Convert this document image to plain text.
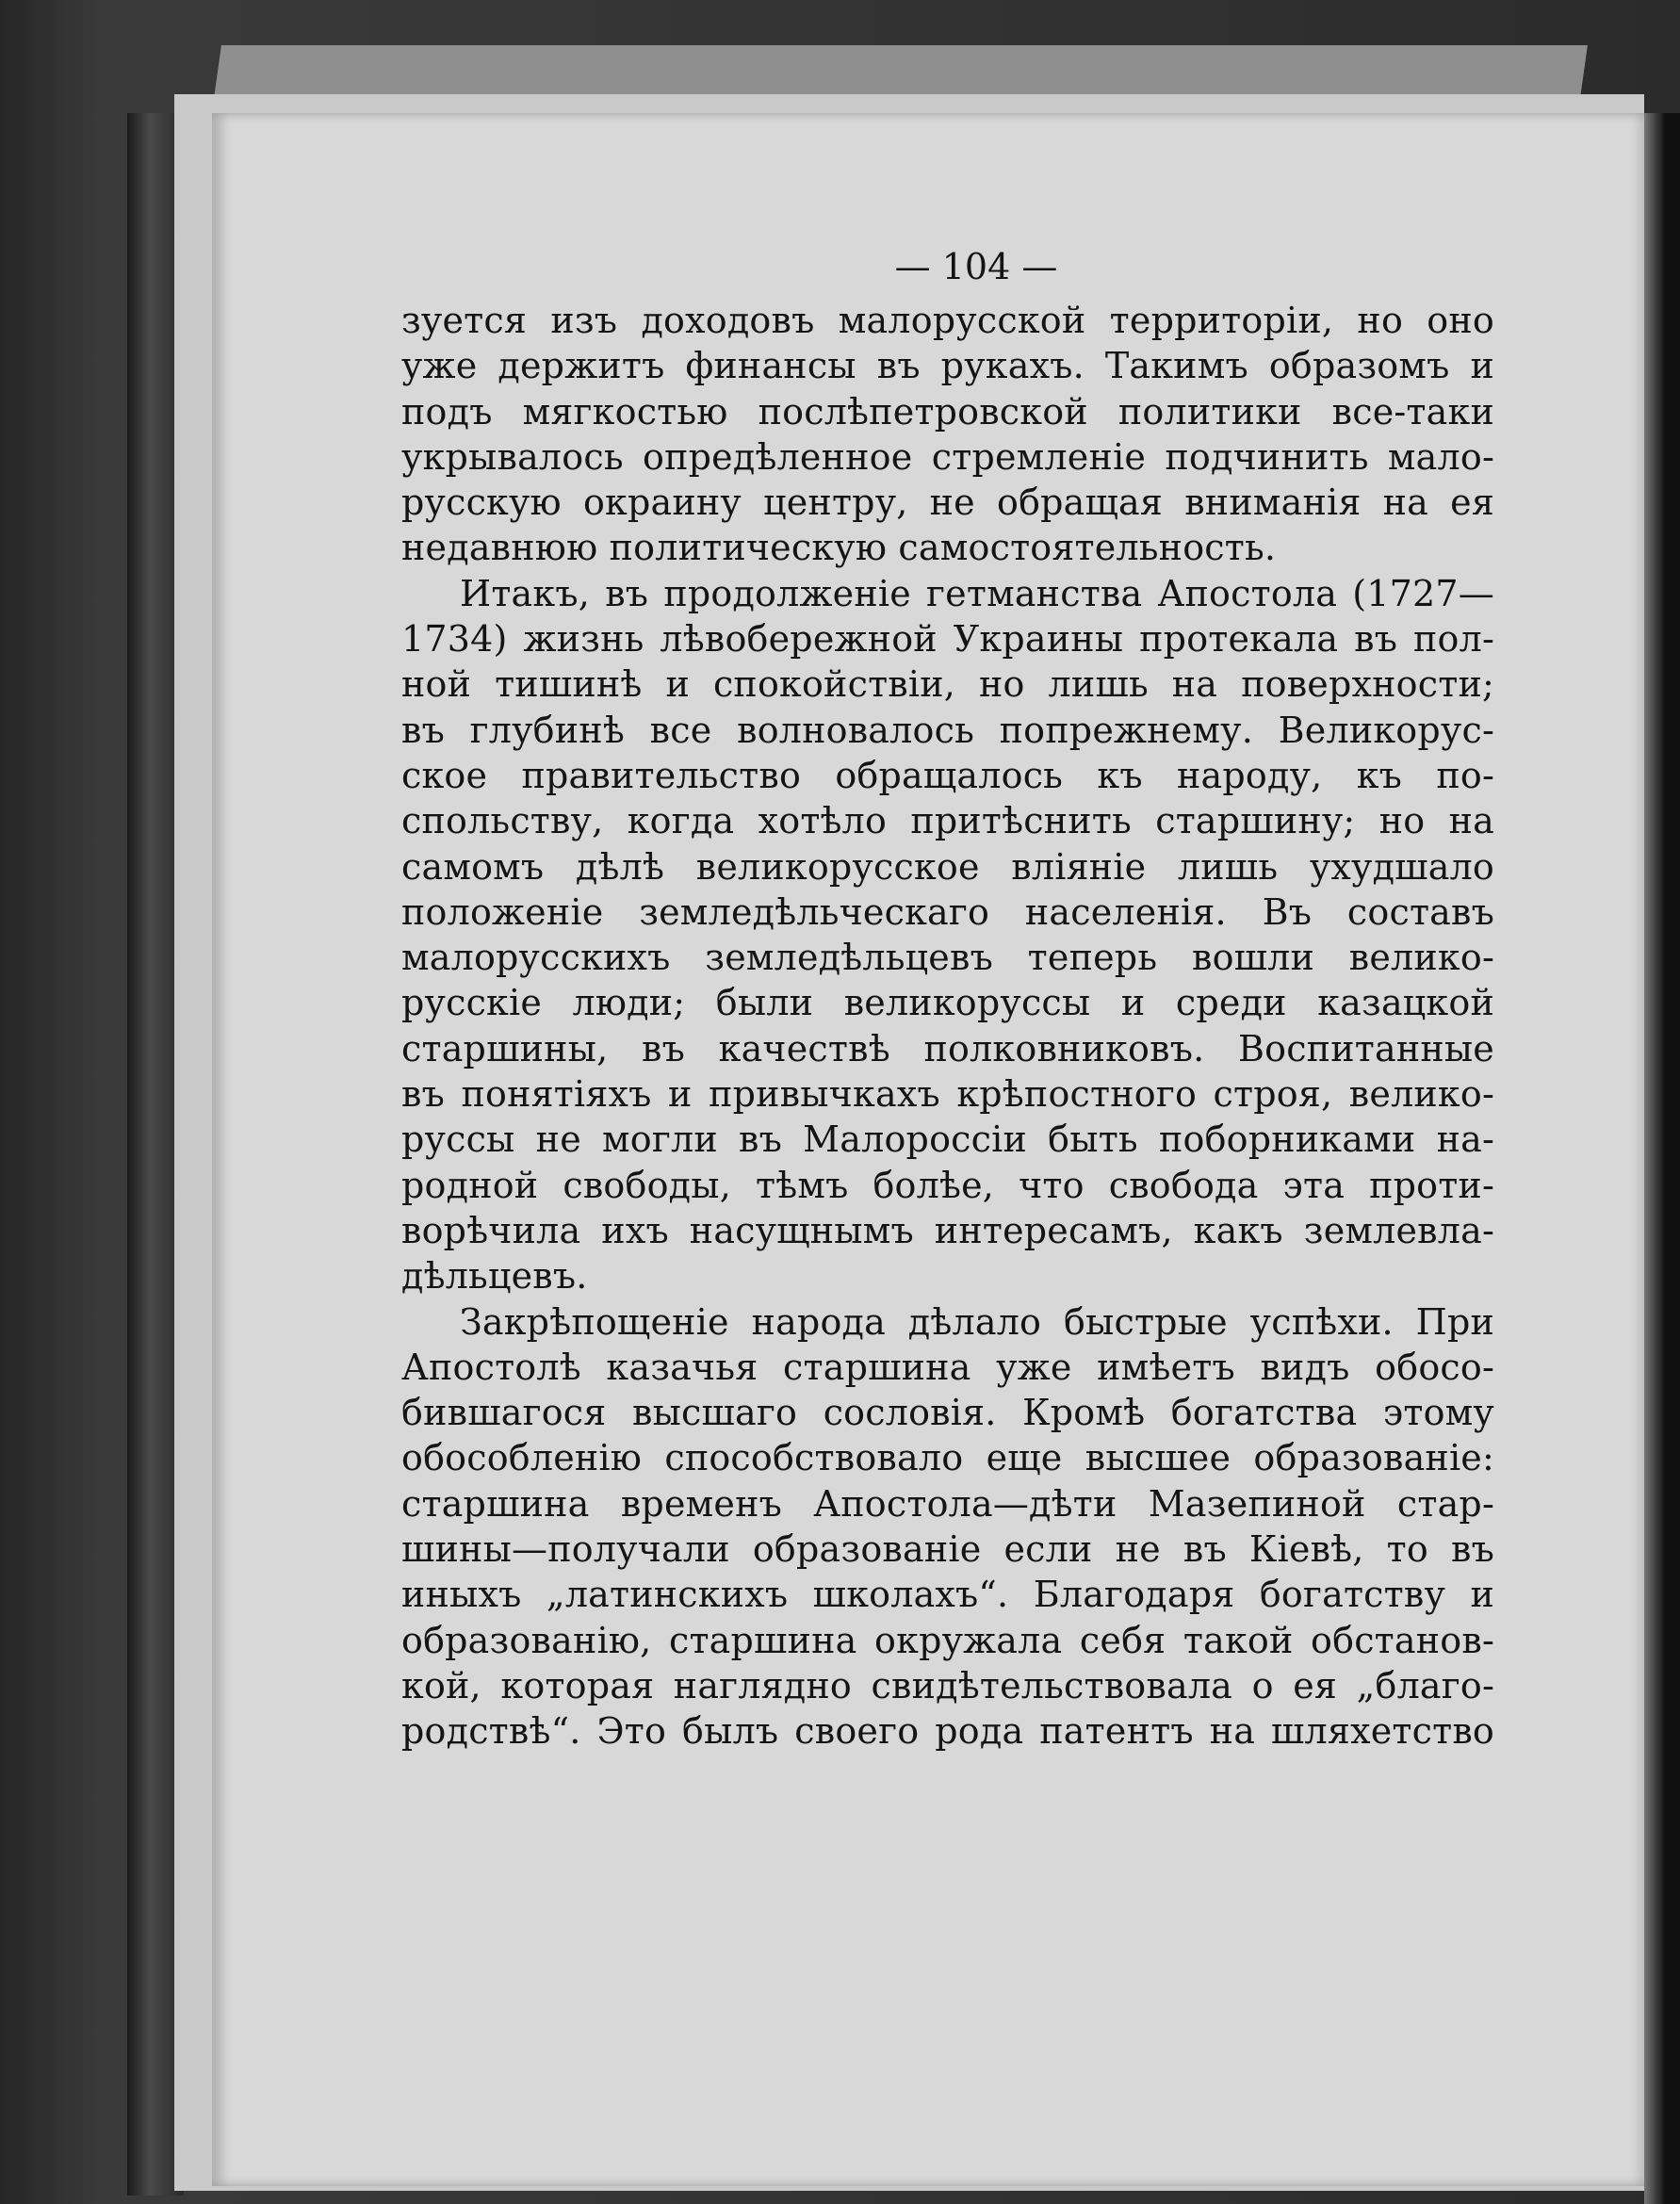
— 104 —
зуется изъ доходовъ малорусской территоріи, но оно
уже держитъ финансы въ рукахъ. Такимъ образомъ и
подъ мягкостью послѣпетровской политики все-таки
укрывалось опредѣленное стремленіе подчинить мало-
русскую окраину центру, не обращая вниманія на ея
недавнюю политическую самостоятельность.
Итакъ, въ продолженіе гетманства Апостола (1727—
1734) жизнь лѣвобережной Украины протекала въ пол-
ной тишинѣ и спокойствіи, но лишь на поверхности;
въ глубинѣ все волновалось попрежнему. Великорус-
ское правительство обращалось къ народу, къ по-
спольству, когда хотѣло притѣснить старшину; но на
самомъ дѣлѣ великорусское вліяніе лишь ухудшало
положеніе земледѣльческаго населенія. Въ составъ
малорусскихъ земледѣльцевъ теперь вошли велико-
русскіе люди; были великоруссы и среди казацкой
старшины, въ качествѣ полковниковъ. Воспитанные
въ понятіяхъ и привычкахъ крѣпостного строя, велико-
руссы не могли въ Малороссіи быть поборниками на-
родной свободы, тѣмъ болѣе, что свобода эта проти-
ворѣчила ихъ насущнымъ интересамъ, какъ землевла-
дѣльцевъ.
Закрѣпощеніе народа дѣлало быстрые успѣхи. При
Апостолѣ казачья старшина уже имѣетъ видъ обосо-
бившагося высшаго сословія. Кромѣ богатства этому
обособленію способствовало еще высшее образованіе:
старшина временъ Апостола—дѣти Мазепиной стар-
шины—получали образованіе если не въ Кіевѣ, то въ
иныхъ „латинскихъ школахъ“. Благодаря богатству и
образованію, старшина окружала себя такой обстанов-
кой, которая наглядно свидѣтельствовала о ея „благо-
родствѣ“. Это былъ своего рода патентъ на шляхетство
